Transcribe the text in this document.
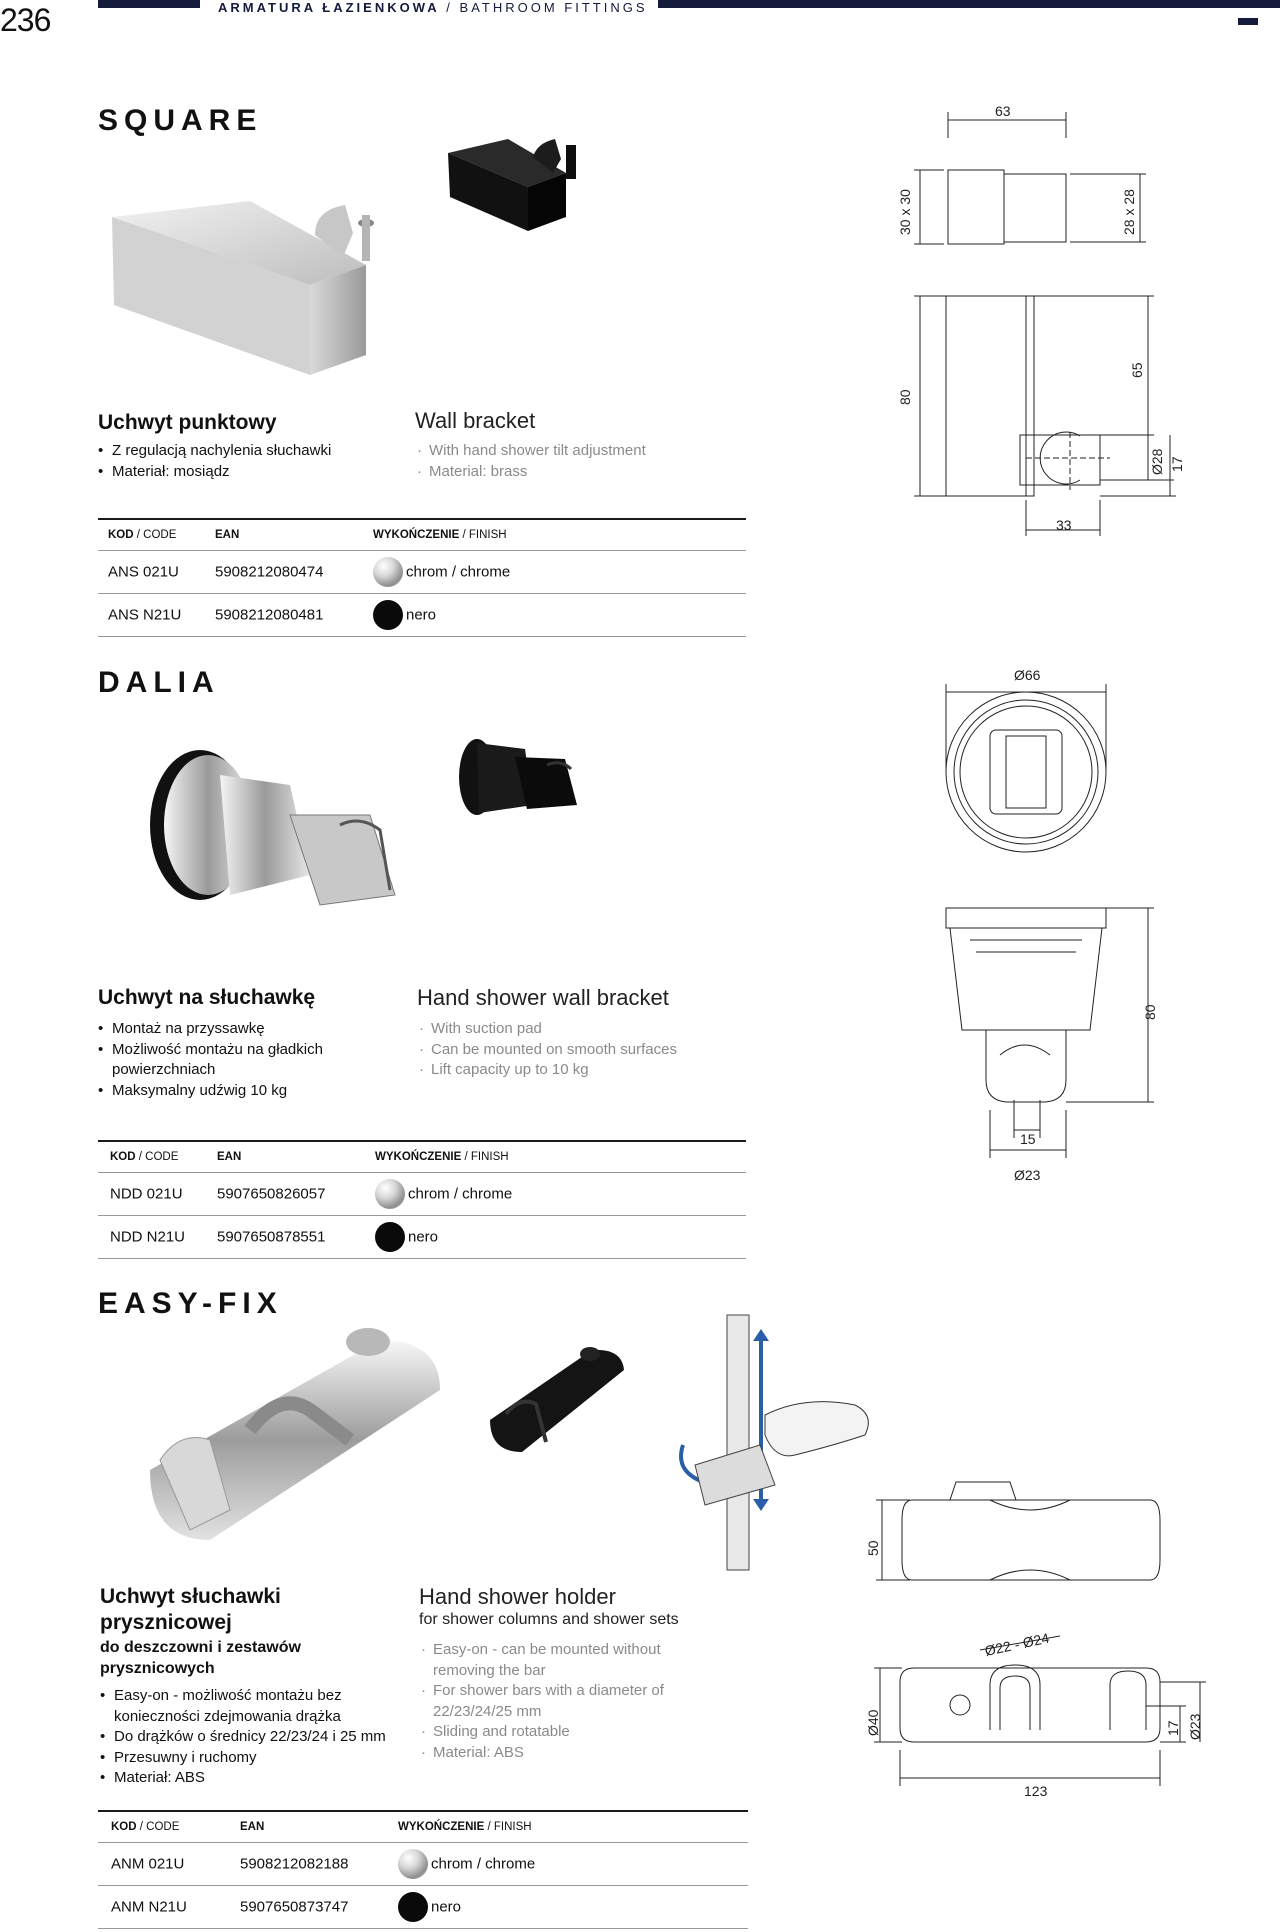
236	ARMATURA ŁAZIENKOWA / BATHROOM FITTINGS
SQUARE
Uchwyt punktowy
• Z regulacją nachylenia słuchawki
• Materiał: mosiądz
Wall bracket
· With hand shower tilt adjustment
· Material: brass
KOD / CODE	EAN	WYKOŃCZENIE / FINISH
ANS 021U 5908212080474	chrom / chrome
ANS N21U 5908212080481	nero
63
30 x 30	28 x 28
80
65
Ø28 17
33
DALIA
Uchwyt na słuchawkę
• Montaż na przyssawkę
• Możliwość montażu na gładkich powierzchniach
• Maksymalny udźwig 10 kg
Hand shower wall bracket
· With suction pad
· Can be mounted on smooth surfaces
· Lift capacity up to 10 kg
KOD / CODE	EAN	WYKOŃCZENIE / FINISH
NDD 021U 5907650826057	chrom / chrome
NDD N21U 5907650878551	nero
Ø66
80
15
Ø23
EASY-FIX
Uchwyt słuchawki prysznicowej
do deszczowni i zestawów prysznicowych
• Easy-on - możliwość montażu bez konieczności zdejmowania drążka
• Do drążków o średnicy 22/23/24 i 25 mm
• Przesuwny i ruchomy
• Materiał: ABS
Hand shower holder
for shower columns and shower sets
· Easy-on - can be mounted without removing the bar
· For shower bars with a diameter of 22/23/24/25 mm
· Sliding and rotatable
· Material: ABS
KOD / CODE	EAN	WYKOŃCZENIE / FINISH
ANM 021U	5908212082188	chrom / chrome
ANM N21U	5907650873747	nero
50
Ø22 - Ø24
Ø40	17 Ø23
123
